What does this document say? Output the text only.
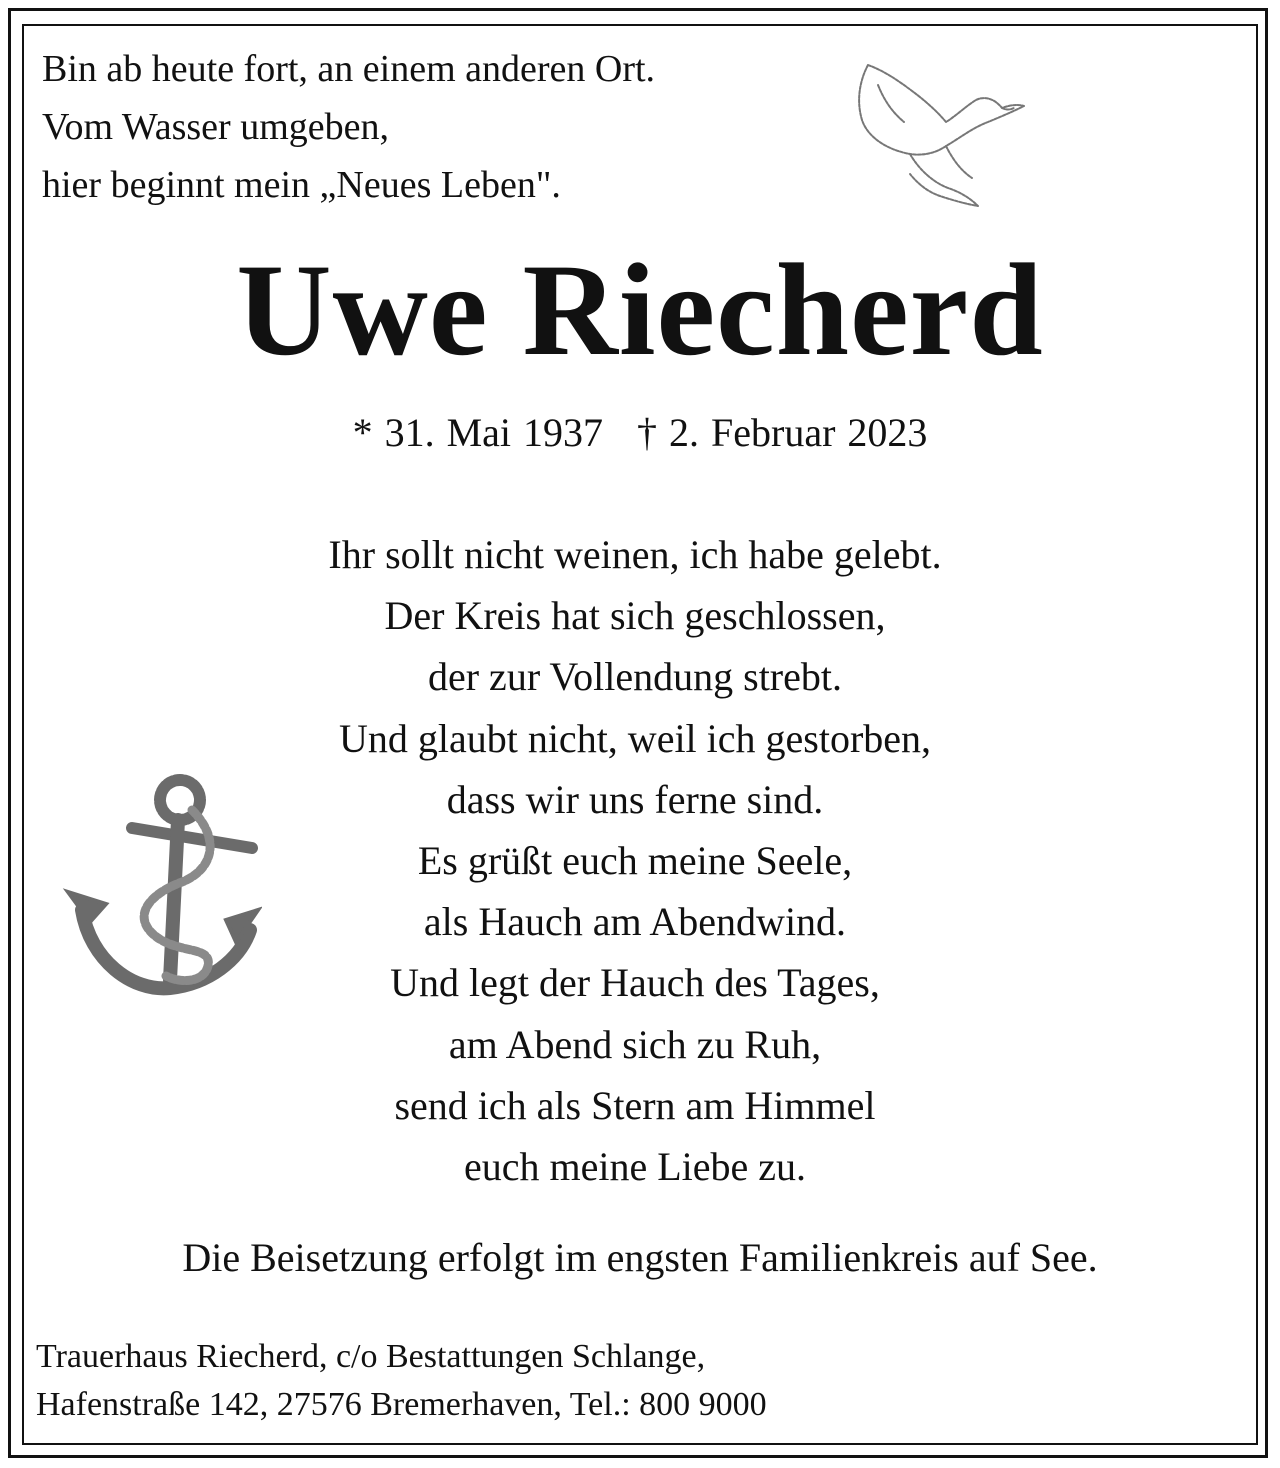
Bin ab heute fort, an einem anderen Ort.
Vom Wasser umgeben,
hier beginnt mein „Neues Leben".
Uwe Riecherd
* 31. Mai 1937 † 2. Februar 2023
Ihr sollt nicht weinen, ich habe gelebt.
Der Kreis hat sich geschlossen,
der zur Vollendung strebt.
Und glaubt nicht, weil ich gestorben,
dass wir uns ferne sind.
Es grüßt euch meine Seele,
als Hauch am Abendwind.
Und legt der Hauch des Tages,
am Abend sich zu Ruh,
send ich als Stern am Himmel
euch meine Liebe zu.
Die Beisetzung erfolgt im engsten Familienkreis auf See.
Trauerhaus Riecherd, c/o Bestattungen Schlange,
Hafenstraße 142, 27576 Bremerhaven, Tel.: 800 9000
